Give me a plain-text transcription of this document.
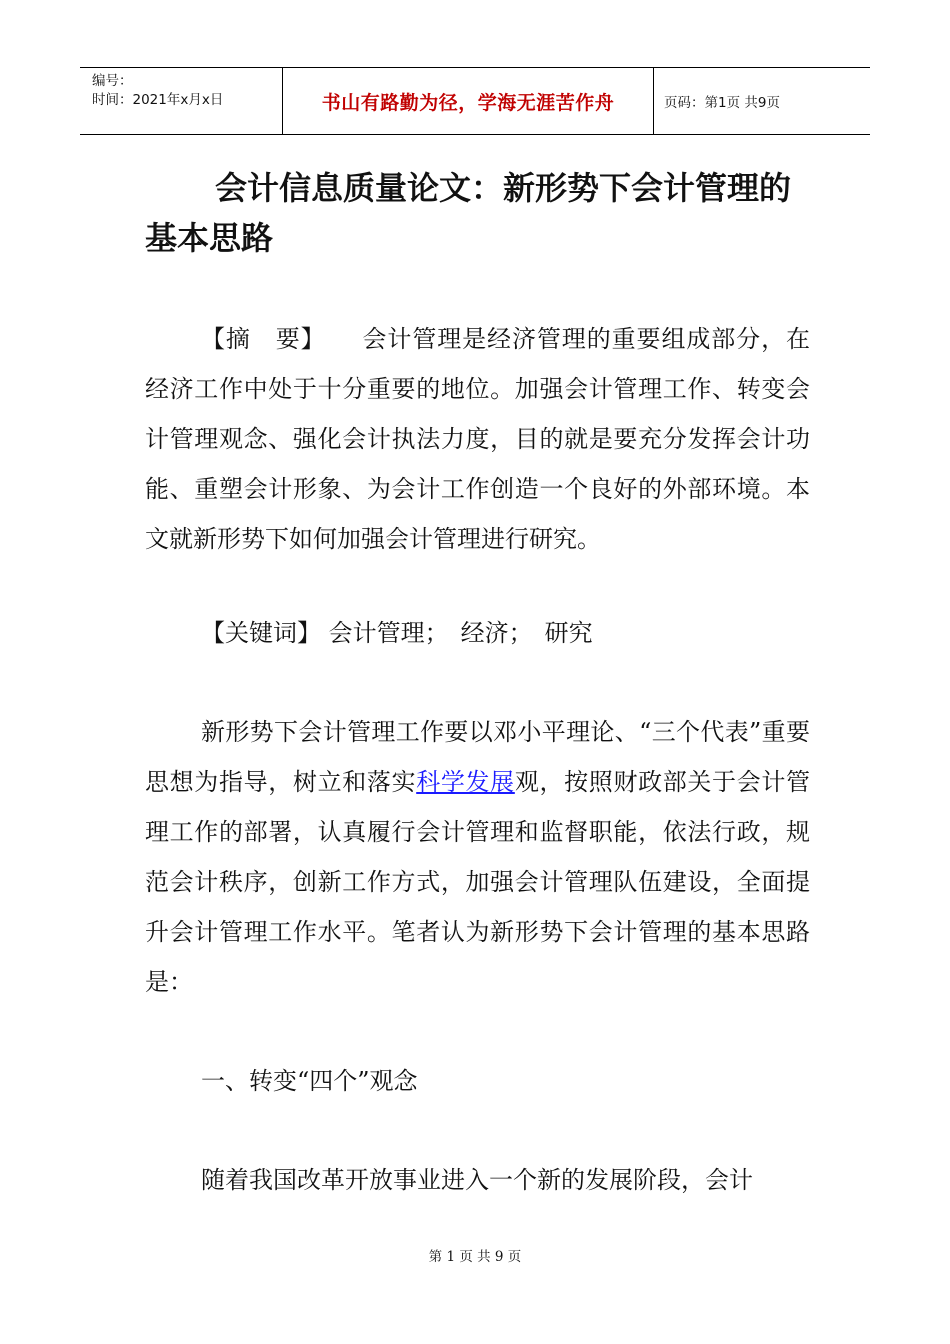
编号：
时间：2021年x月x日	书山有路勤为径，学海无涯苦作舟	页码：第1页 共9页
会计信息质量论文：新形势下会计管理的基本思路

【摘　要】 会计管理是经济管理的重要组成部分，在经济工作中处于十分重要的地位。加强会计管理工作、转变会计管理观念、强化会计执法力度，目的就是要充分发挥会计功能、重塑会计形象、为会计工作创造一个良好的外部环境。本文就新形势下如何加强会计管理进行研究。

【关键词】 会计管理；　 经济；　 研究

新形势下会计管理工作要以邓小平理论、“三个代表”重要思想为指导，树立和落实科学发展观，按照财政部关于会计管理工作的部署，认真履行会计管理和监督职能，依法行政，规范会计秩序，创新工作方式，加强会计管理队伍建设，全面提升会计管理工作水平。笔者认为新形势下会计管理的基本思路是：

一、转变“四个”观念

随着我国改革开放事业进入一个新的发展阶段，会计

第 1 页 共 9 页
